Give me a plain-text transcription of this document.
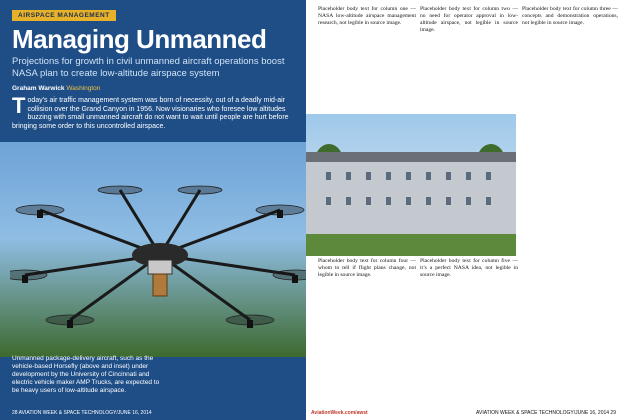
AIRSPACE MANAGEMENT
Managing Unmanned

Projections for growth in civil unmanned aircraft operations boost NASA plan to create low-altitude airspace system

Graham Warwick Washington

Today’s air traffic management system was born of necessity, out of a deadly mid-air collision over the Grand Canyon in 1956. Now visionaries who foresee low altitudes buzzing with small unmanned aircraft do not want to wait until people are hurt before bringing some order to this uncontrolled airspace.

Unmanned package-delivery aircraft, such as the vehicle-based Horsefly (above and inset) under development by the University of Cincinnati and electric vehicle maker AMP Trucks, are expected to be heavy users of low-altitude airspace.

28 AVIATION WEEK & SPACE TECHNOLOGY/JUNE 16, 2014

Placeholder body text for column one — NASA low-altitude airspace management research, not legible in source image.

Placeholder body text for column two — no need for operator approval in low-altitude airspace, not legible in source image.

Placeholder body text for column three — concepts and demonstration operations, not legible in source image.

Placeholder body text for column four — whom to tell if flight plans change, not legible in source image.

Placeholder body text for column five — it’s a perfect NASA idea, not legible in source image.

AviationWeek.com/awst	AVIATION WEEK & SPACE TECHNOLOGY/JUNE 16, 2014 29
